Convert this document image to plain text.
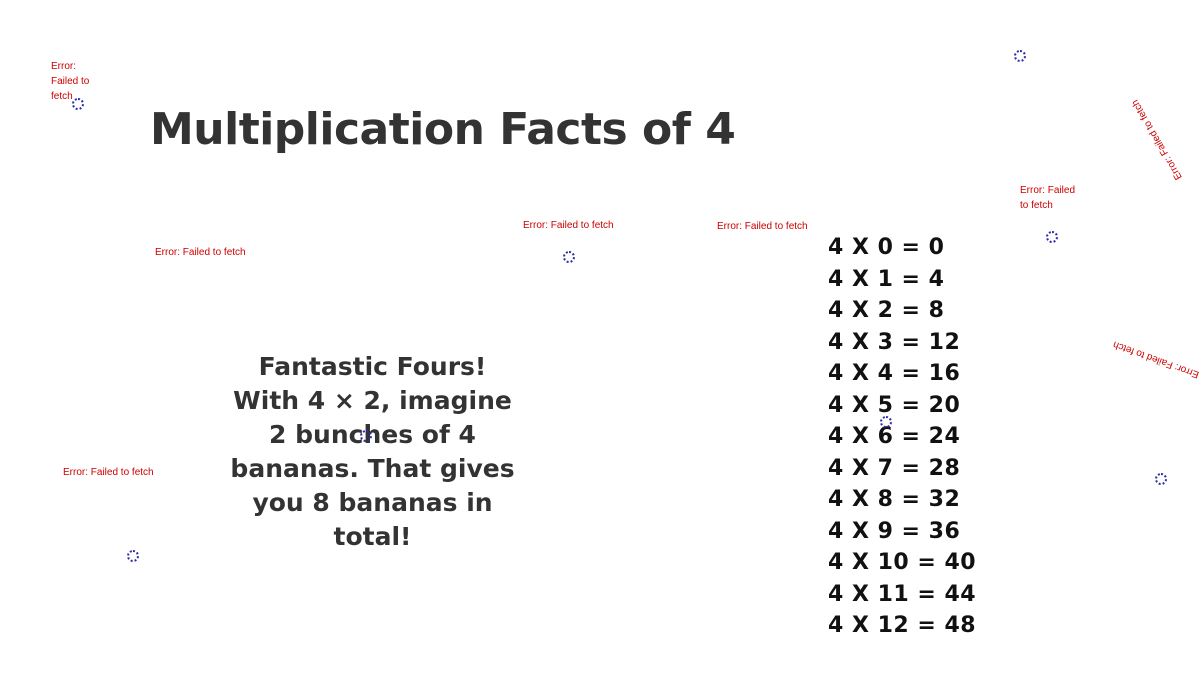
Multiplication Facts of 4

Fantastic Fours! With 4 × 2, imagine 2 bunches of 4 bananas. That gives you 8 bananas in total!

4 X 0 = 0
4 X 1 = 4
4 X 2 = 8
4 X 3 = 12
4 X 4 = 16
4 X 5 = 20
4 X 6 = 24
4 X 7 = 28
4 X 8 = 32
4 X 9 = 36
4 X 10 = 40
4 X 11 = 44
4 X 12 = 48
Error: Failed to fetch
Error: Failed to fetch
Error: Failed to fetch	Error: Failed to fetch
Error: Failed to fetch
Error: Failed to fetch
Error: Failed to fetch
Error: Failed to fetch
